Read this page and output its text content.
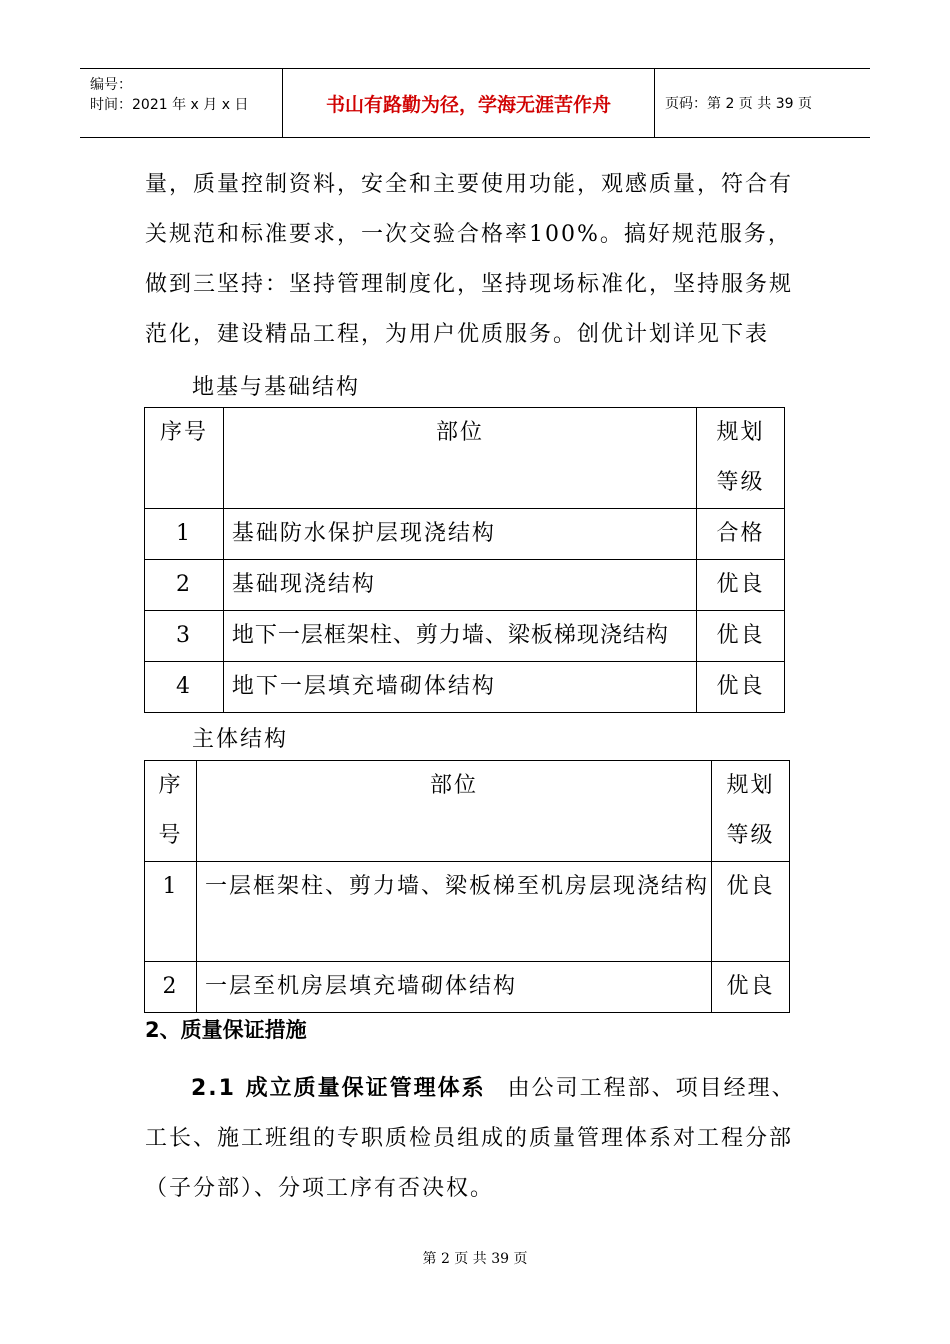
编号：
时间：2021 年 x 月 x 日	书山有路勤为径，学海无涯苦作舟	页码：第 2 页 共 39 页
量，质量控制资料，安全和主要使用功能，观感质量，符合有关规范和标准要求，一次交验合格率100%。搞好规范服务，做到三坚持：坚持管理制度化，坚持现场标准化，坚持服务规范化，建设精品工程，为用户优质服务。创优计划详见下表
地基与基础结构
序号	部位	规划等级
1	基础防水保护层现浇结构	合格
2	基础现浇结构	优良
3	地下一层框架柱、剪力墙、梁板梯现浇结构	优良
4	地下一层填充墙砌体结构	优良
主体结构
序号	部位	规划等级
1	一层框架柱、剪力墙、梁板梯至机房层现浇结构	优良
2	一层至机房层填充墙砌体结构	优良
2、质量保证措施
2.1 成立质量保证管理体系 由公司工程部、项目经理、工长、施工班组的专职质检员组成的质量管理体系对工程分部（子分部）、分项工序有否决权。
第 2 页 共 39 页
